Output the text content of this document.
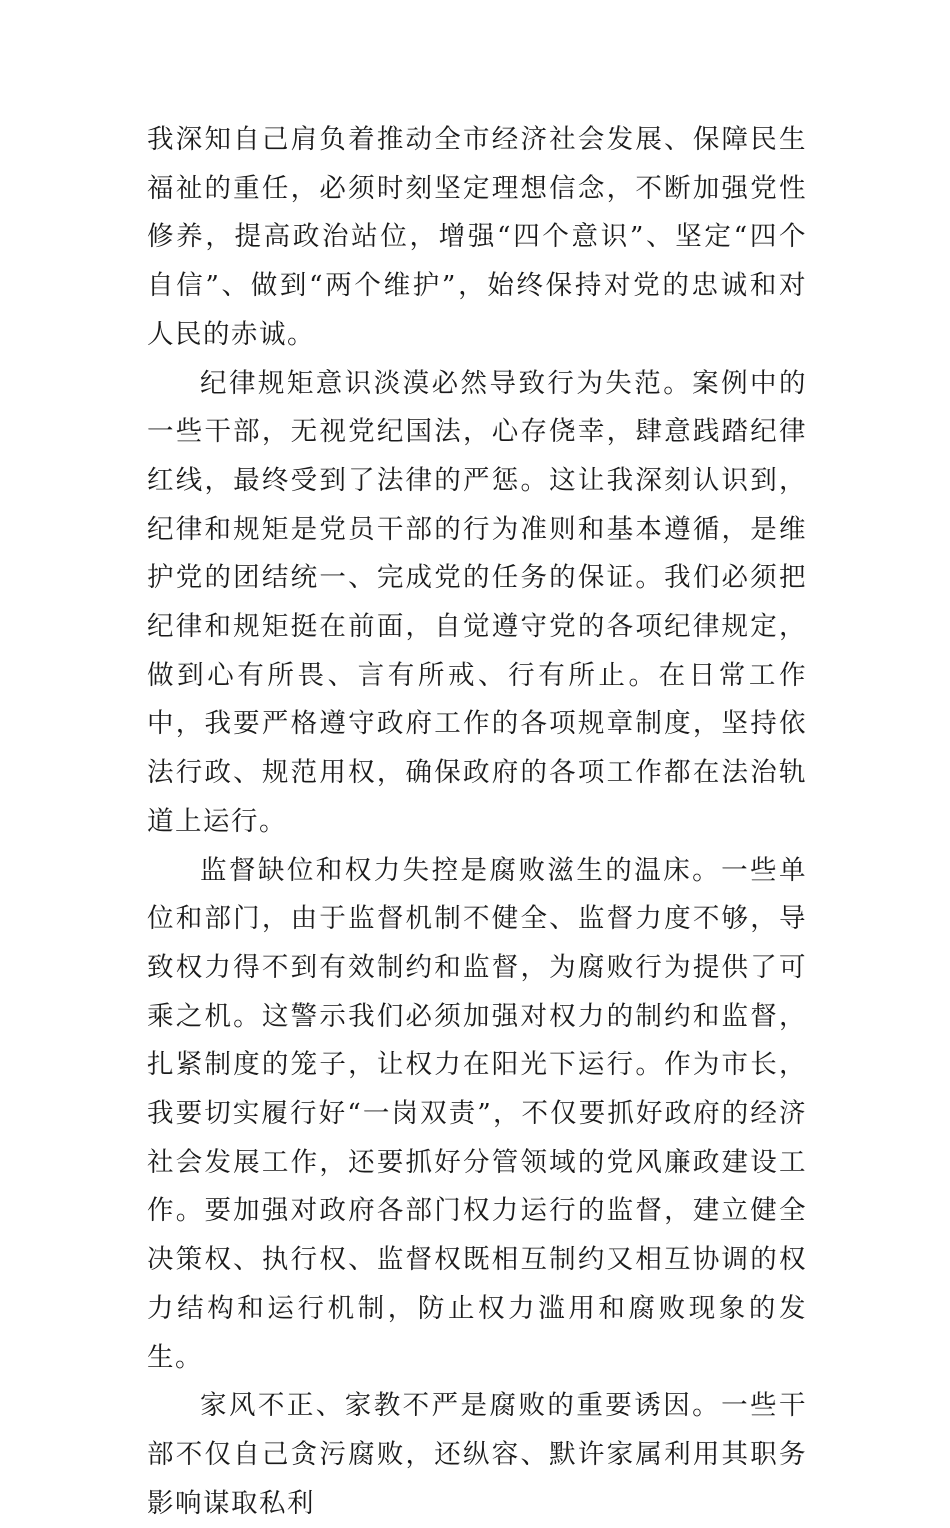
我深知自己肩负着推动全市经济社会发展、保障民生福祉的重任，必须时刻坚定理想信念，不断加强党性修养，提高政治站位，增强“四个意识”、坚定“四个自信”、做到“两个维护”，始终保持对党的忠诚和对人民的赤诚。

纪律规矩意识淡漠必然导致行为失范。案例中的一些干部，无视党纪国法，心存侥幸，肆意践踏纪律红线，最终受到了法律的严惩。这让我深刻认识到，纪律和规矩是党员干部的行为准则和基本遵循，是维护党的团结统一、完成党的任务的保证。我们必须把纪律和规矩挺在前面，自觉遵守党的各项纪律规定，做到心有所畏、言有所戒、行有所止。在日常工作中，我要严格遵守政府工作的各项规章制度，坚持依法行政、规范用权，确保政府的各项工作都在法治轨道上运行。

监督缺位和权力失控是腐败滋生的温床。一些单位和部门，由于监督机制不健全、监督力度不够，导致权力得不到有效制约和监督，为腐败行为提供了可乘之机。这警示我们必须加强对权力的制约和监督，扎紧制度的笼子，让权力在阳光下运行。作为市长，我要切实履行好“一岗双责”，不仅要抓好政府的经济社会发展工作，还要抓好分管领域的党风廉政建设工作。要加强对政府各部门权力运行的监督，建立健全决策权、执行权、监督权既相互制约又相互协调的权力结构和运行机制，防止权力滥用和腐败现象的发生。

家风不正、家教不严是腐败的重要诱因。一些干部不仅自己贪污腐败，还纵容、默许家属利用其职务影响谋取私利
